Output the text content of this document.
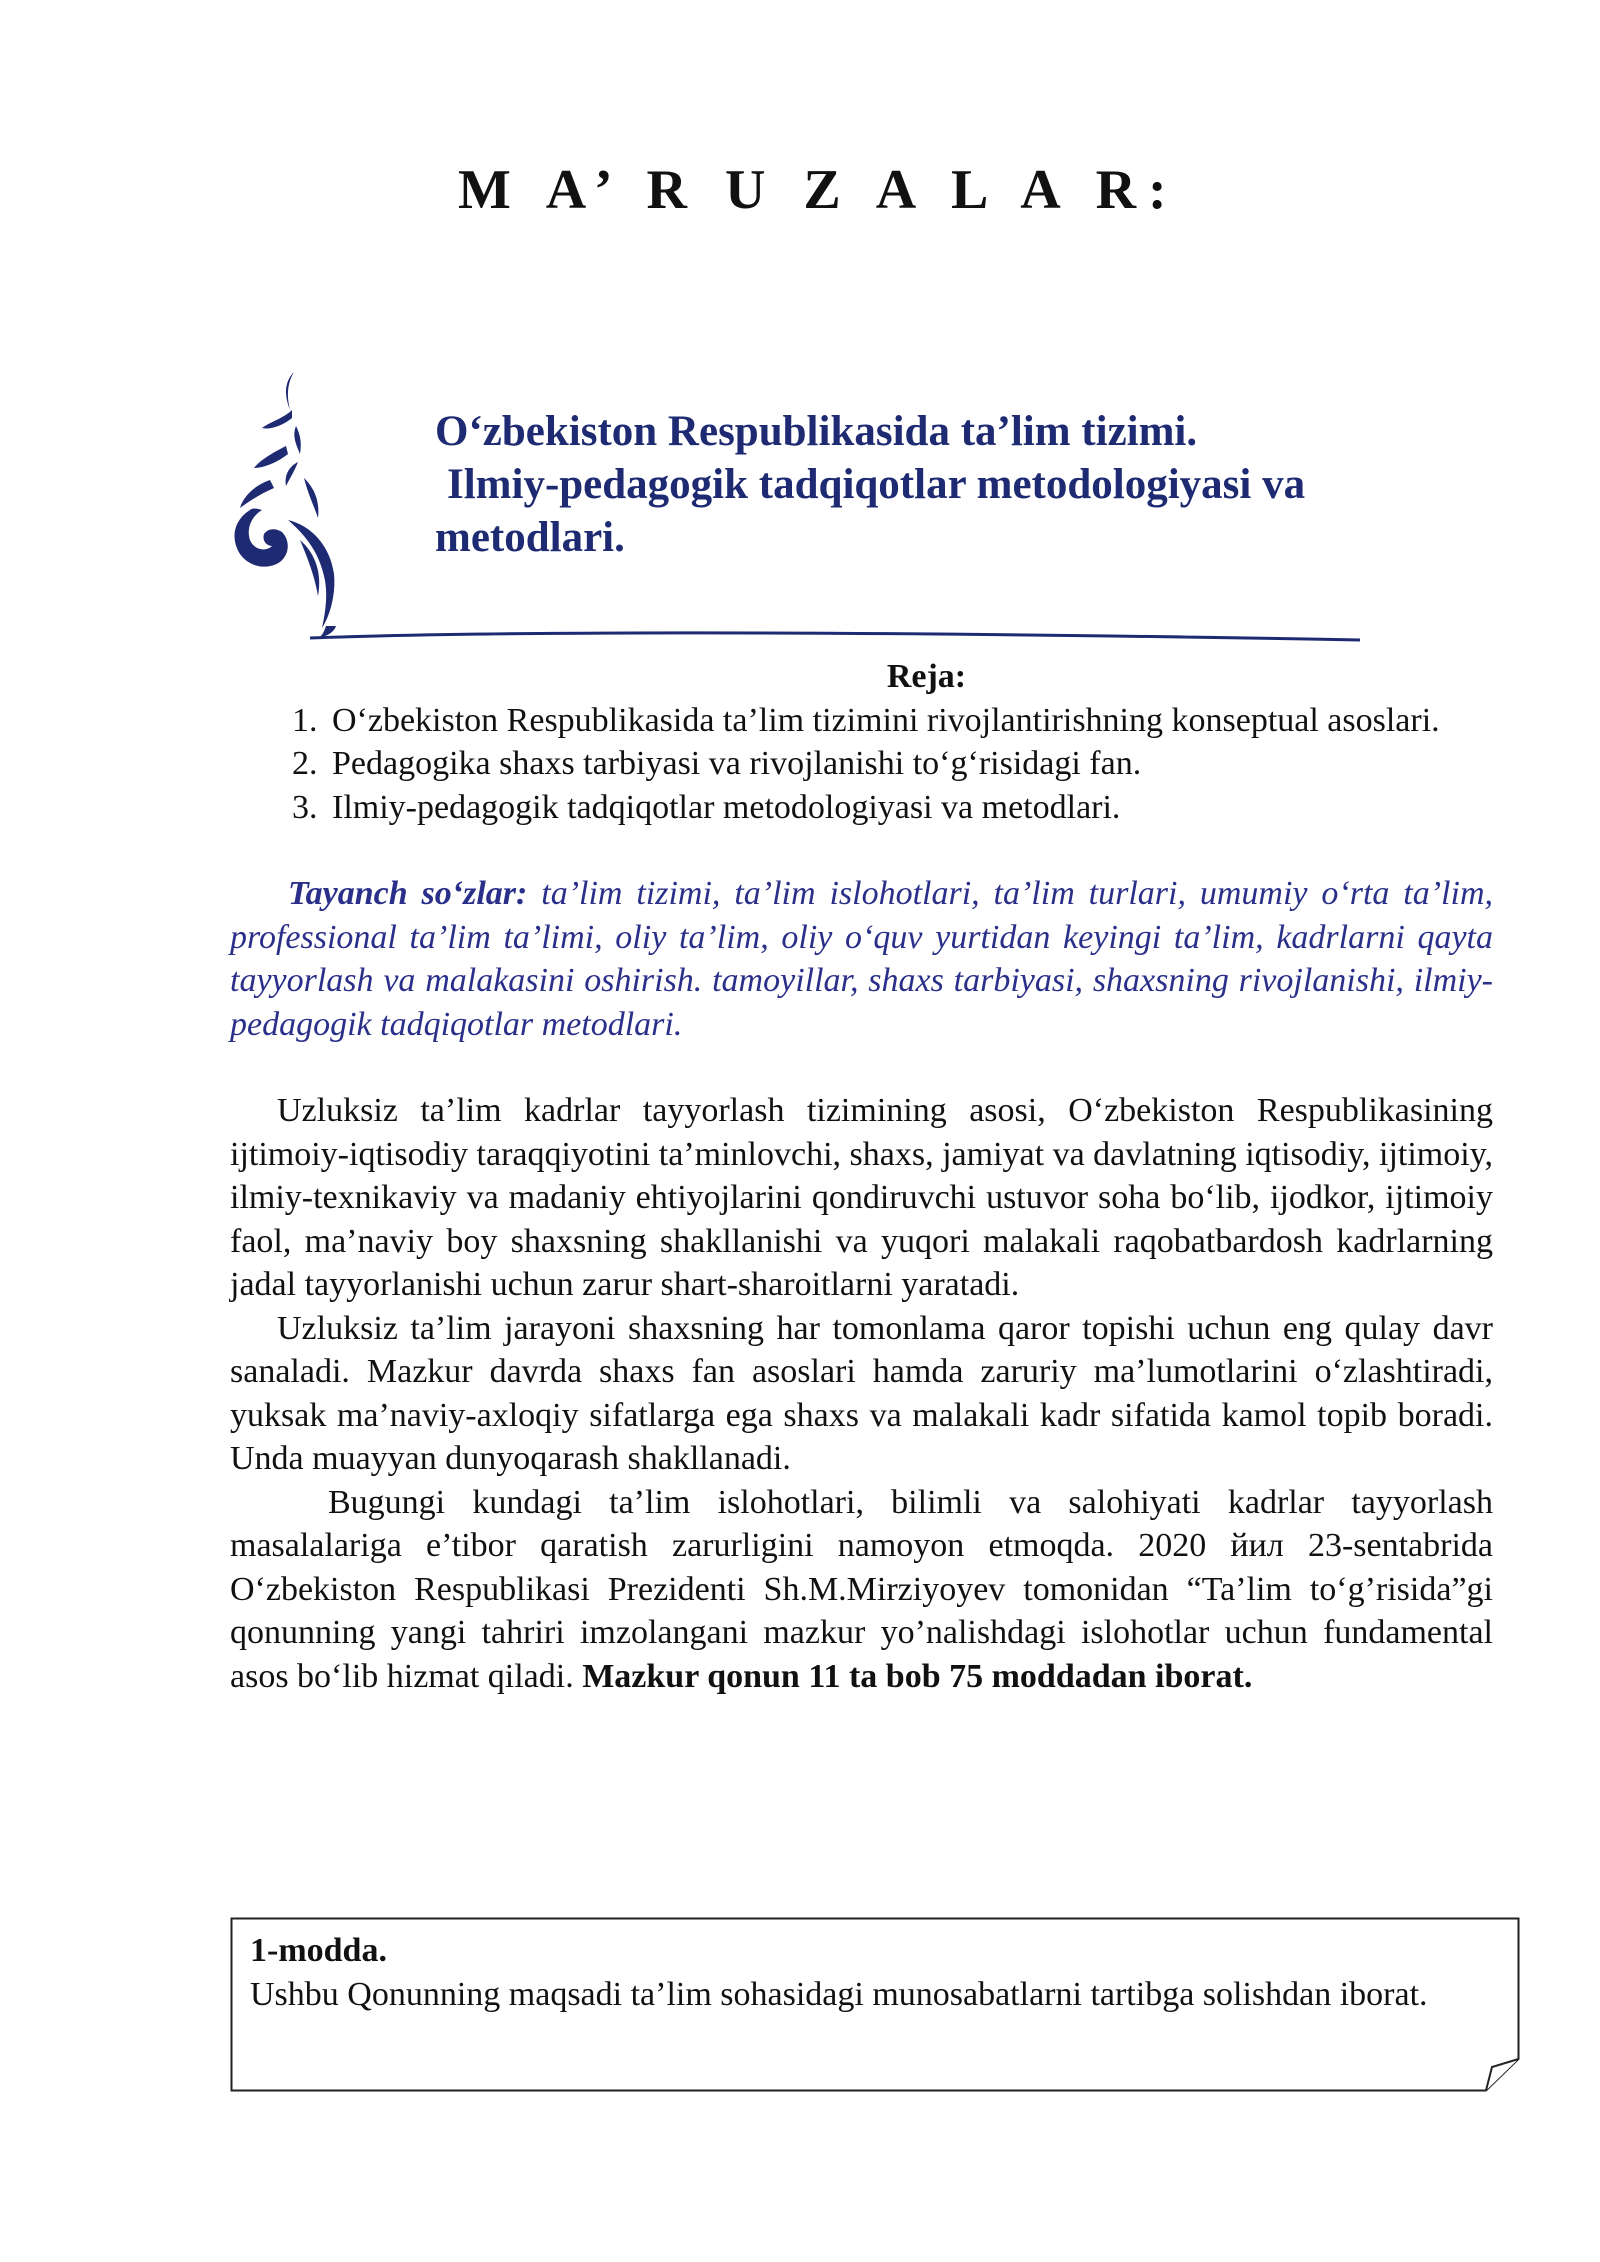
M A’ R U Z A L A R:
O‘zbekiston Respublikasida ta’lim tizimi.
Ilmiy-pedagogik tadqiqotlar metodologiyasi va
metodlari.

Reja:

1. O‘zbekiston Respublikasida ta’lim tizimini rivojlantirishning konseptual asoslari.
2. Pedagogika shaxs tarbiyasi va rivojlanishi to‘g‘risidagi fan.
3. Ilmiy-pedagogik tadqiqotlar metodologiyasi va metodlari.

Tayanch so‘zlar: ta’lim tizimi, ta’lim islohotlari, ta’lim turlari, umumiy o‘rta ta’lim, professional ta’lim ta’limi, oliy ta’lim, oliy o‘quv yurtidan keyingi ta’lim, kadrlarni qayta tayyorlash va malakasini oshirish. tamoyillar, shaxs tarbiyasi, shaxsning rivojlanishi, ilmiy-pedagogik tadqiqotlar metodlari.

Uzluksiz ta’lim kadrlar tayyorlash tizimining asosi, O‘zbekiston Respublikasining ijtimoiy-iqtisodiy taraqqiyotini ta’minlovchi, shaxs, jamiyat va davlatning iqtisodiy, ijtimoiy, ilmiy-texnikaviy va madaniy ehtiyojlarini qondiruvchi ustuvor soha bo‘lib, ijodkor, ijtimoiy faol, ma’naviy boy shaxsning shakllanishi va yuqori malakali raqobatbardosh kadrlarning jadal tayyorlanishi uchun zarur shart-sharoitlarni yaratadi.

Uzluksiz ta’lim jarayoni shaxsning har tomonlama qaror topishi uchun eng qulay davr sanaladi. Mazkur davrda shaxs fan asoslari hamda zaruriy ma’lumotlarini o‘zlashtiradi, yuksak ma’naviy-axloqiy sifatlarga ega shaxs va malakali kadr sifatida kamol topib boradi. Unda muayyan dunyoqarash shakllanadi.

Bugungi kundagi ta’lim islohotlari, bilimli va salohiyati kadrlar tayyorlash masalalariga e’tibor qaratish zarurligini namoyon etmoqda. 2020 йил 23-sentabrida O‘zbekiston Respublikasi Prezidenti Sh.M.Mirziyoyev tomonidan “Ta’lim to‘g’risida”gi qonunning yangi tahriri imzolangani mazkur yo’nalishdagi islohotlar uchun fundamental asos bo‘lib hizmat qiladi. Mazkur qonun 11 ta bob 75 moddadan iborat.

1-modda.
Ushbu Qonunning maqsadi ta’lim sohasidagi munosabatlarni tartibga solishdan iborat.
